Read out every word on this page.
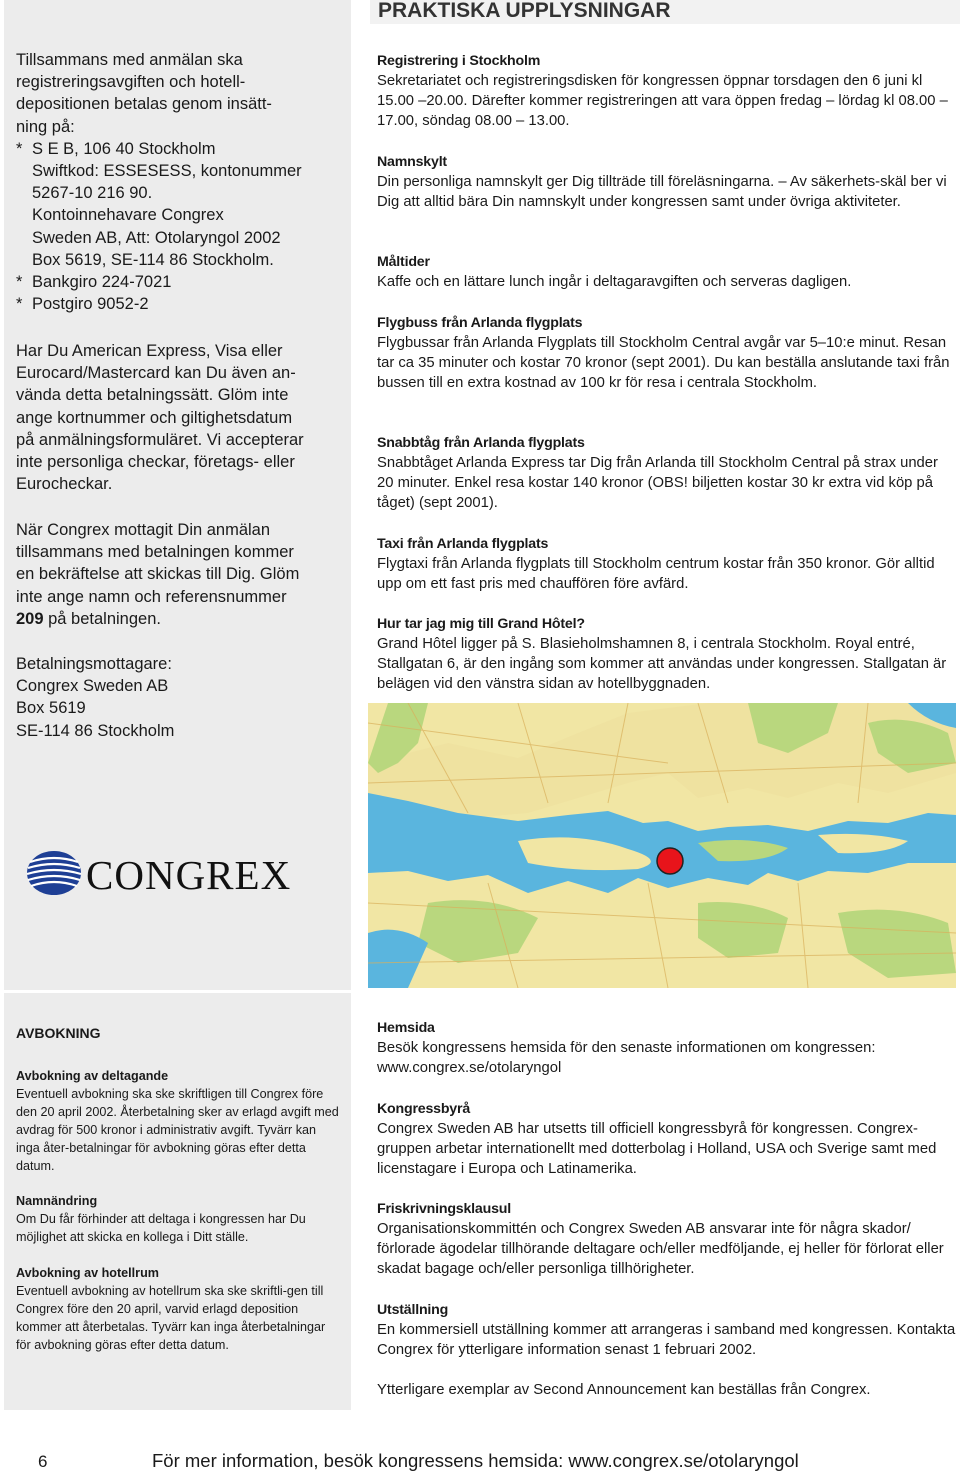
PRAKTISKA UPPLYSNINGAR
Tillsammans med anmälan ska
registreringsavgiften och hotell-
depositionen betalas genom insätt-
ning på:
* S E B, 106 40 Stockholm
Swiftkod: ESSESESS, kontonummer
5267-10 216 90.
Kontoinnehavare Congrex
Sweden AB, Att: Otolaryngol 2002
Box 5619, SE-114 86 Stockholm.
* Bankgiro 224-7021
* Postgiro 9052-2
Har Du American Express, Visa eller
Eurocard/Mastercard kan Du även an-
vända detta betalningssätt. Glöm inte
ange kortnummer och giltighetsdatum
på anmälningsformuläret. Vi accepterar
inte personliga checkar, företags- eller
Eurocheckar.
När Congrex mottagit Din anmälan
tillsammans med betalningen kommer
en bekräftelse att skickas till Dig. Glöm
inte ange namn och referensnummer
209 på betalningen.
Betalningsmottagare:
Congrex Sweden AB
Box 5619
SE-114 86 Stockholm
CONGREX
Registrering i Stockholm

Sekretariatet och registreringsdisken för kongressen öppnar torsdagen den 6 juni kl 15.00 –20.00. Därefter kommer registreringen att vara öppen fredag – lördag kl 08.00 – 17.00, söndag 08.00 – 13.00.

Namnskylt

Din personliga namnskylt ger Dig tillträde till föreläsningarna. – Av säkerhets-skäl ber vi Dig att alltid bära Din namnskylt under kongressen samt under övriga aktiviteter.

Måltider

Kaffe och en lättare lunch ingår i deltagaravgiften och serveras dagligen.

Flygbuss från Arlanda flygplats

Flygbussar från Arlanda Flygplats till Stockholm Central avgår var 5–10:e minut. Resan tar ca 35 minuter och kostar 70 kronor (sept 2001). Du kan beställa anslutande taxi från bussen till en extra kostnad av 100 kr för resa i centrala Stockholm.

Snabbtåg från Arlanda flygplats

Snabbtåget Arlanda Express tar Dig från Arlanda till Stockholm Central på strax under 20 minuter. Enkel resa kostar 140 kronor (OBS! biljetten kostar 30 kr extra vid köp på tåget) (sept 2001).

Taxi från Arlanda flygplats

Flygtaxi från Arlanda flygplats till Stockholm centrum kostar från 350 kronor. Gör alltid upp om ett fast pris med chauffören före avfärd.

Hur tar jag mig till Grand Hôtel?

Grand Hôtel ligger på S. Blasieholmshamnen 8, i centrala Stockholm. Royal entré, Stallgatan 6, är den ingång som kommer att användas under kongressen. Stallgatan är belägen vid den vänstra sidan av hotellbyggnaden.

AVBOKNING
Avbokning av deltagande

Eventuell avbokning ska ske skriftligen till Congrex före den 20 april 2002. Återbetalning sker av erlagd avgift med avdrag för 500 kronor i administrativ avgift. Tyvärr kan inga åter-betalningar för avbokning göras efter detta datum.

Namnändring

Om Du får förhinder att deltaga i kongressen har Du möjlighet att skicka en kollega i Ditt ställe.

Avbokning av hotellrum

Eventuell avbokning av hotellrum ska ske skriftli-gen till Congrex före den 20 april, varvid erlagd deposition kommer att återbetalas. Tyvärr kan inga återbetalningar för avbokning göras efter detta datum.

Hemsida

Besök kongressens hemsida för den senaste informationen om kongressen: www.congrex.se/otolaryngol

Kongressbyrå

Congrex Sweden AB har utsetts till officiell kongressbyrå för kongressen. Congrex-gruppen arbetar internationellt med dotterbolag i Holland, USA och Sverige samt med licenstagare i Europa och Latinamerika.

Friskrivningsklausul

Organisationskommittén och Congrex Sweden AB ansvarar inte för några skador/ förlorade ägodelar tillhörande deltagare och/eller medföljande, ej heller för förlorat eller skadat bagage och/eller personliga tillhörigheter.

Utställning

En kommersiell utställning kommer att arrangeras i samband med kongressen. Kontakta Congrex för ytterligare information senast 1 februari 2002.

Ytterligare exemplar av Second Announcement kan beställas från Congrex.

6	För mer information, besök kongressens hemsida: www.congrex.se/otolaryngol
